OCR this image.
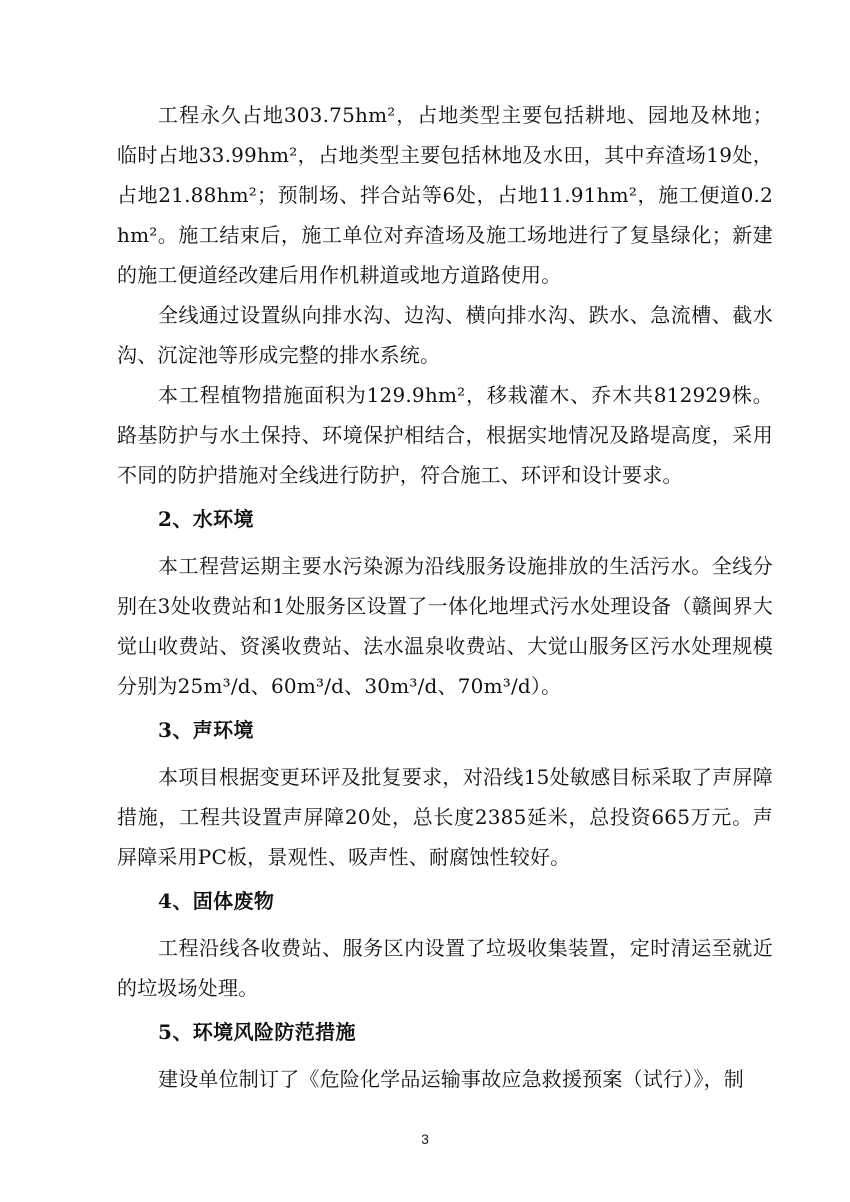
工程永久占地303.75hm²，占地类型主要包括耕地、园地及林地；临时占地33.99hm²，占地类型主要包括林地及水田，其中弃渣场19处，占地21.88hm²；预制场、拌合站等6处，占地11.91hm²，施工便道0.2 hm²。施工结束后，施工单位对弃渣场及施工场地进行了复垦绿化；新建的施工便道经改建后用作机耕道或地方道路使用。

全线通过设置纵向排水沟、边沟、横向排水沟、跌水、急流槽、截水沟、沉淀池等形成完整的排水系统。

本工程植物措施面积为129.9hm²，移栽灌木、乔木共812929株。路基防护与水土保持、环境保护相结合，根据实地情况及路堤高度，采用不同的防护措施对全线进行防护，符合施工、环评和设计要求。

2、水环境

本工程营运期主要水污染源为沿线服务设施排放的生活污水。全线分别在3处收费站和1处服务区设置了一体化地埋式污水处理设备（赣闽界大觉山收费站、资溪收费站、法水温泉收费站、大觉山服务区污水处理规模分别为25m³/d、60m³/d、30m³/d、70m³/d）。

3、声环境

本项目根据变更环评及批复要求，对沿线15处敏感目标采取了声屏障措施，工程共设置声屏障20处，总长度2385延米，总投资665万元。声屏障采用PC板，景观性、吸声性、耐腐蚀性较好。

4、固体废物

工程沿线各收费站、服务区内设置了垃圾收集装置，定时清运至就近的垃圾场处理。

5、环境风险防范措施

建设单位制订了《危险化学品运输事故应急救援预案（试行）》，制

3
